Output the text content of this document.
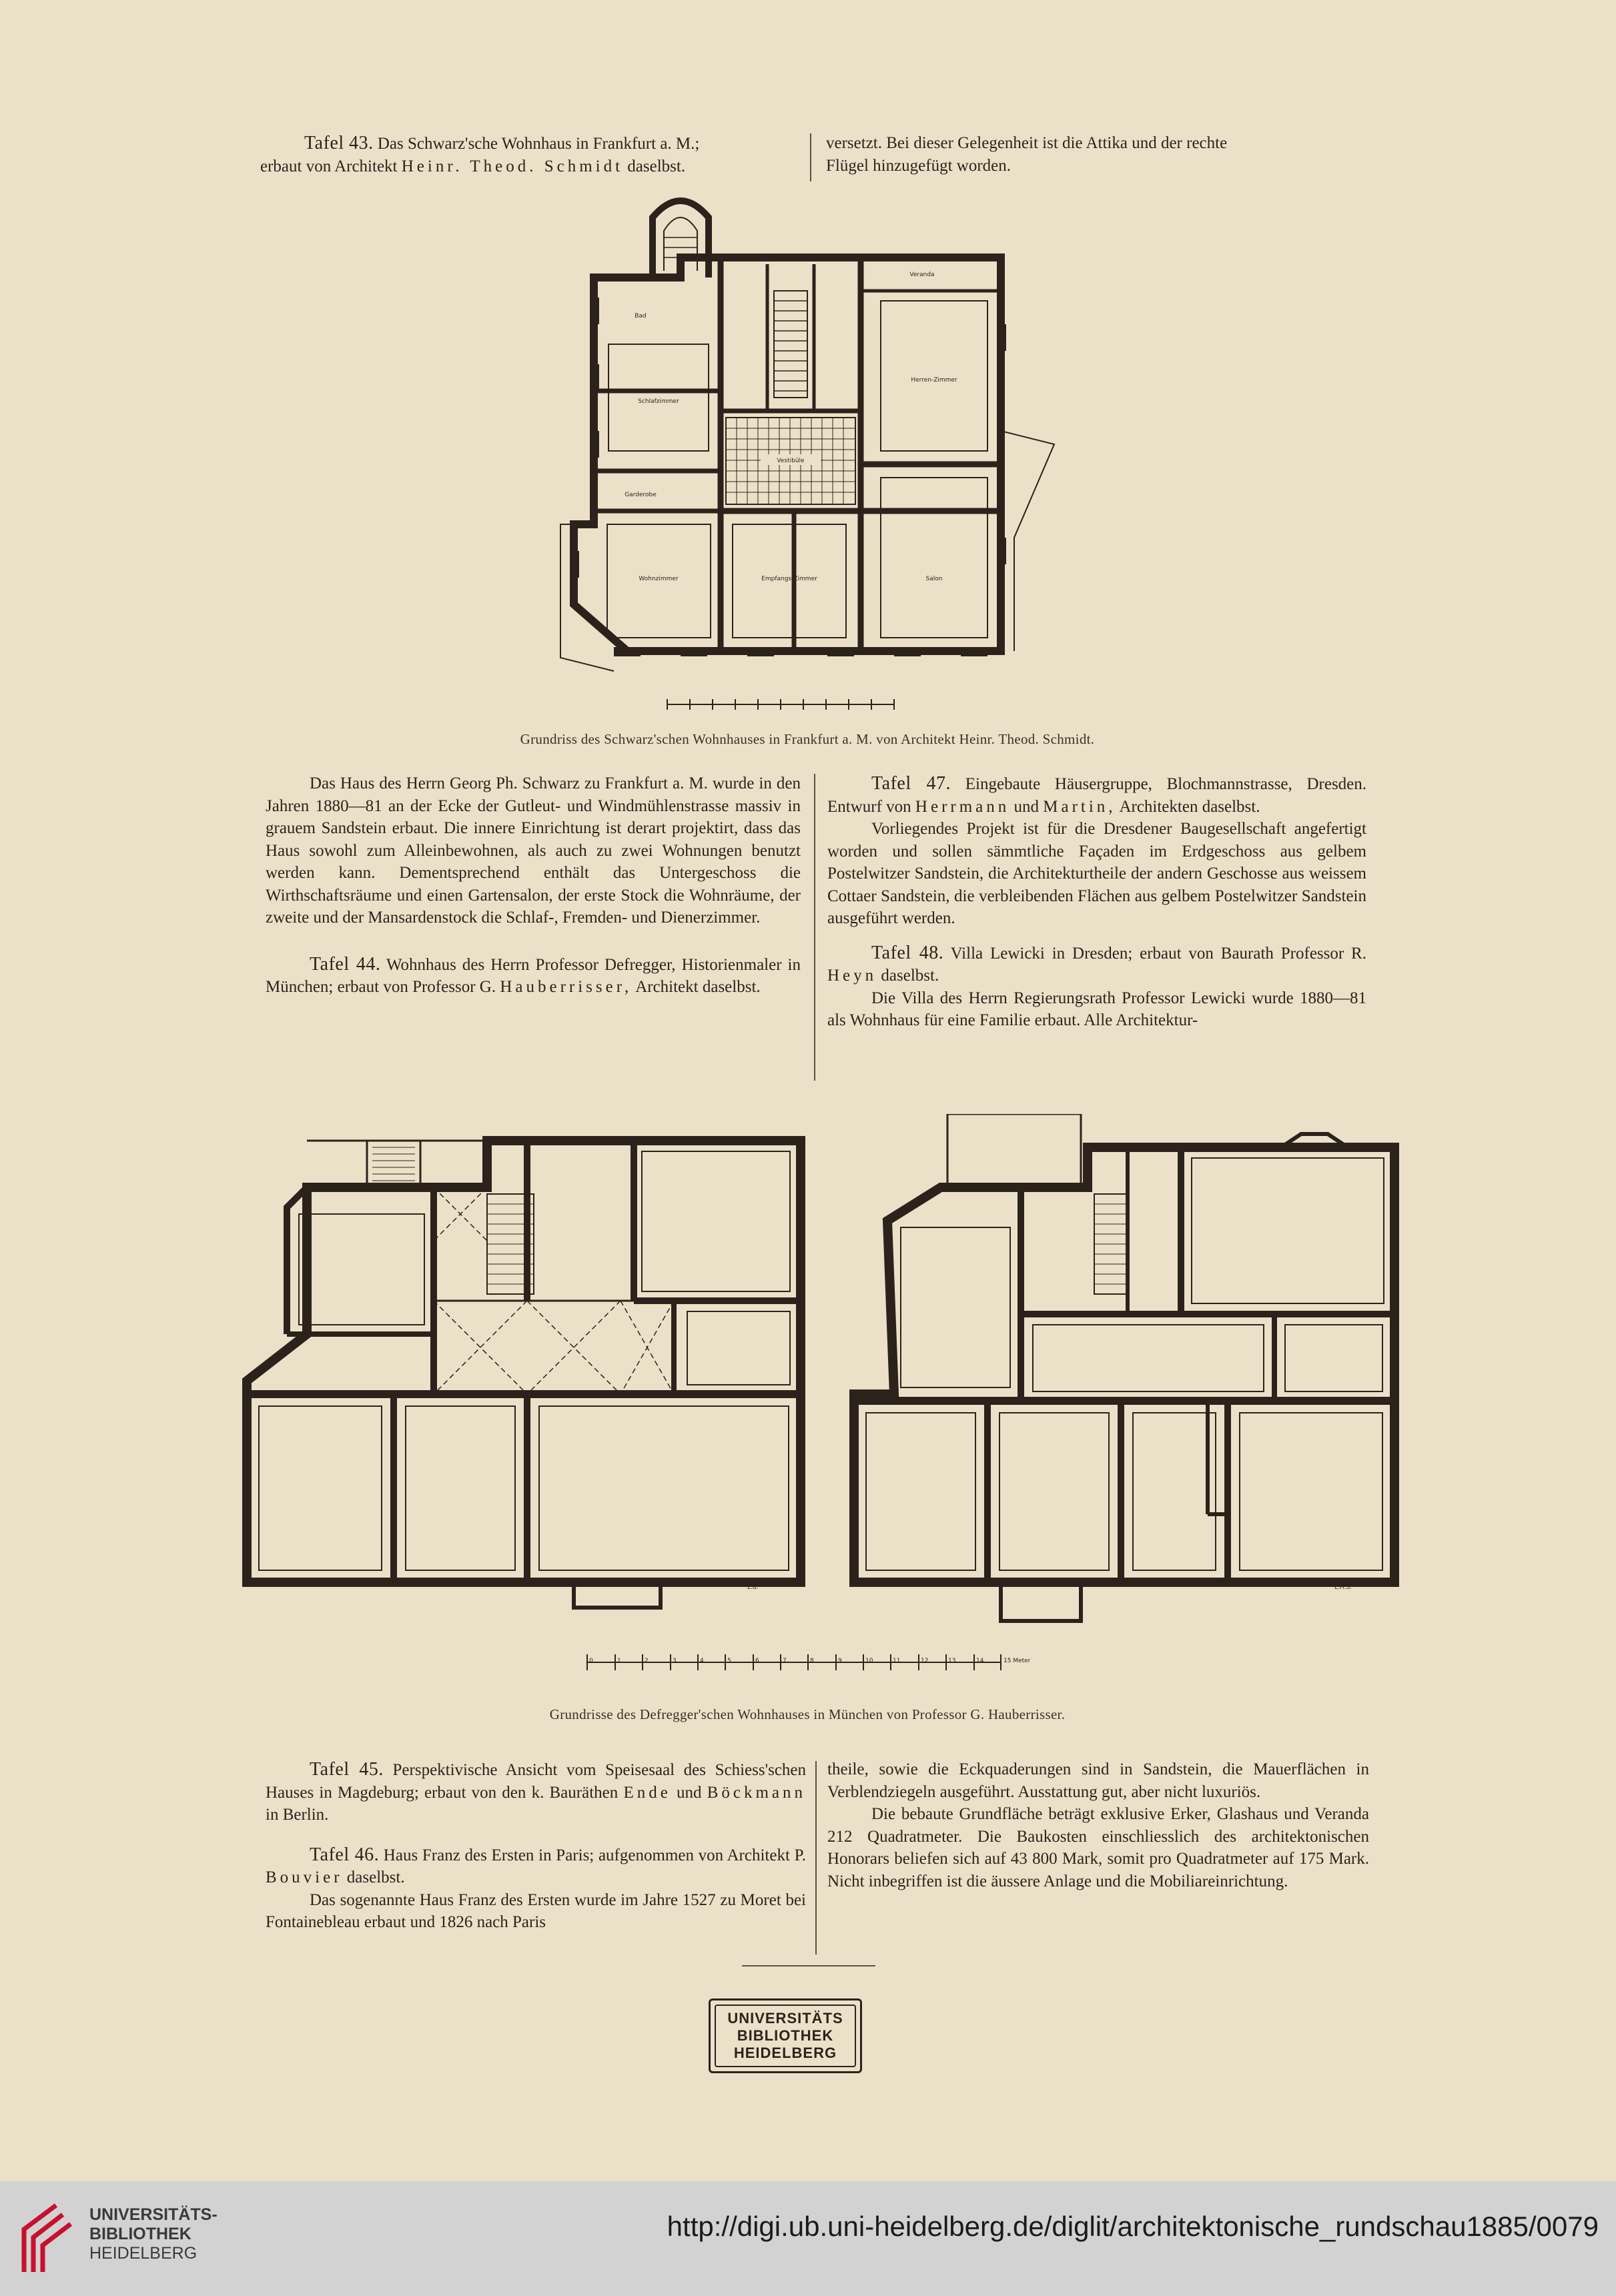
Tafel 43. Das Schwarz'sche Wohnhaus in Frankfurt a. M.;

erbaut von Architekt Heinr. Theod. Schmidt daselbst.

versetzt. Bei dieser Gelegenheit ist die Attika und der rechte

Flügel hinzugefügt worden.

Bad
Schlafzimmer
Garderobe
Wohnzimmer	Empfangs-Zimmer	Salon
Vestibüle
Herren-Zimmer
Veranda
Grundriss des Schwarz'schen Wohnhauses in Frankfurt a. M. von Architekt Heinr. Theod. Schmidt.

Das Haus des Herrn Georg Ph. Schwarz zu Frankfurt a. M. wurde in den Jahren 1880—81 an der Ecke der Gutleut- und Windmühlenstrasse massiv in grauem Sandstein erbaut. Die innere Einrichtung ist derart projektirt, dass das Haus sowohl zum Alleinbewohnen, als auch zu zwei Wohnungen benutzt werden kann. Dementsprechend enthält das Untergeschoss die Wirthschaftsräume und einen Gartensalon, der erste Stock die Wohnräume, der zweite und der Mansardenstock die Schlaf-, Fremden- und Dienerzimmer.

Tafel 44. Wohnhaus des Herrn Professor Defregger, Historienmaler in München; erbaut von Professor G. Hauberrisser, Architekt daselbst.

Tafel 47. Eingebaute Häusergruppe, Blochmannstrasse, Dresden. Entwurf von Herrmann und Martin, Architekten daselbst.

Vorliegendes Projekt ist für die Dresdener Baugesellschaft angefertigt worden und sollen sämmtliche Façaden im Erdgeschoss aus gelbem Postelwitzer Sandstein, die Architekturtheile der andern Geschosse aus weissem Cottaer Sandstein, die verbleibenden Flächen aus gelbem Postelwitzer Sandstein ausgeführt werden.

Tafel 48. Villa Lewicki in Dresden; erbaut von Baurath Professor R. Heyn daselbst.

Die Villa des Herrn Regierungsrath Professor Lewicki wurde 1880—81 als Wohnhaus für eine Familie erbaut. Alle Architektur-

L.d.	L.H.S.
0	1	2	3	4	5	6	7	8	9	10	11	12	13	14	15 Meter
Grundrisse des Defregger'schen Wohnhauses in München von Professor G. Hauberrisser.

Tafel 45. Perspektivische Ansicht vom Speisesaal des Schiess'schen Hauses in Magdeburg; erbaut von den k. Bauräthen Ende und Böckmann in Berlin.

Tafel 46. Haus Franz des Ersten in Paris; aufgenommen von Architekt P. Bouvier daselbst.

Das sogenannte Haus Franz des Ersten wurde im Jahre 1527 zu Moret bei Fontainebleau erbaut und 1826 nach Paris

theile, sowie die Eckquaderungen sind in Sandstein, die Mauerflächen in Verblendziegeln ausgeführt. Ausstattung gut, aber nicht luxuriös.

Die bebaute Grundfläche beträgt exklusive Erker, Glashaus und Veranda 212 Quadratmeter. Die Baukosten einschliesslich des architektonischen Honorars beliefen sich auf 43 800 Mark, somit pro Quadratmeter auf 175 Mark. Nicht inbegriffen ist die äussere Anlage und die Mobiliareinrichtung.

UNIVERSITÄTS
BIBLIOTHEK
HEIDELBERG
UNIVERSITÄTS-
BIBLIOTHEK
HEIDELBERG
http://digi.ub.uni-heidelberg.de/diglit/architektonische_rundschau1885/0079
